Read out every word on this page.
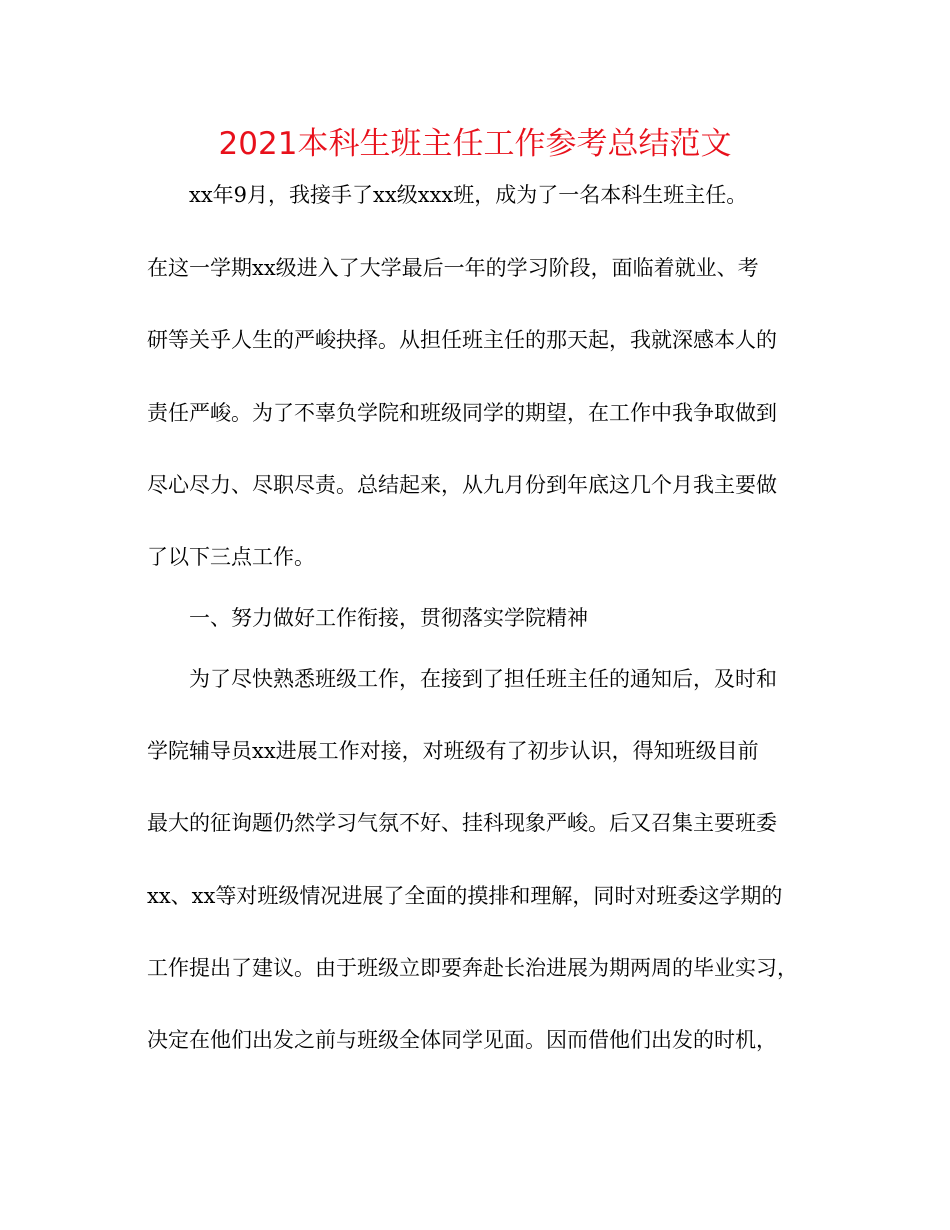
2021本科生班主任工作参考总结范文
xx年9月，我接手了xx级xxx班，成为了一名本科生班主任。
在这一学期xx级进入了大学最后一年的学习阶段，面临着就业、考
研等关乎人生的严峻抉择。从担任班主任的那天起，我就深感本人的
责任严峻。为了不辜负学院和班级同学的期望，在工作中我争取做到
尽心尽力、尽职尽责。总结起来，从九月份到年底这几个月我主要做
了以下三点工作。
一、努力做好工作衔接，贯彻落实学院精神
为了尽快熟悉班级工作，在接到了担任班主任的通知后，及时和
学院辅导员xx进展工作对接，对班级有了初步认识，得知班级目前
最大的征询题仍然学习气氛不好、挂科现象严峻。后又召集主要班委
xx、xx等对班级情况进展了全面的摸排和理解，同时对班委这学期的
工作提出了建议。由于班级立即要奔赴长治进展为期两周的毕业实习，
决定在他们出发之前与班级全体同学见面。因而借他们出发的时机，
